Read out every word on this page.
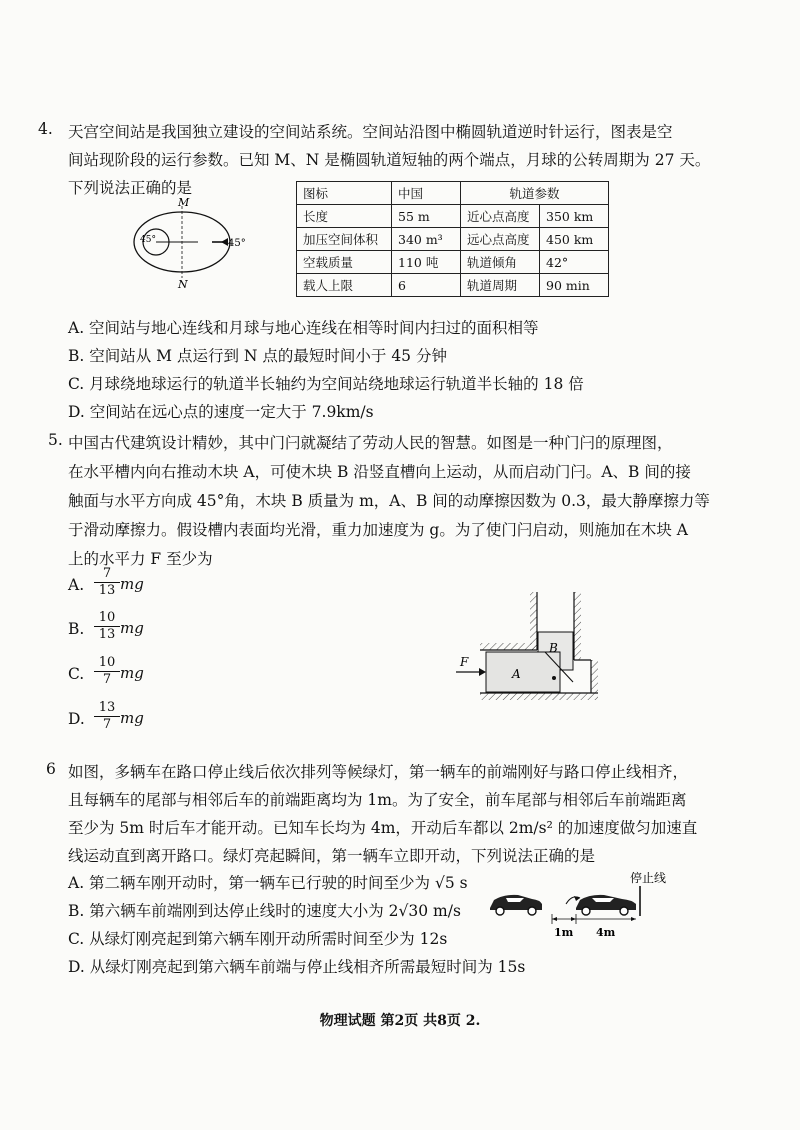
4. 天宫空间站是我国独立建设的空间站系统。空间站沿图中椭圆轨道逆时针运行，图表是空
间站现阶段的运行参数。已知 M、N 是椭圆轨道短轴的两个端点，月球的公转周期为 27 天。
下列说法正确的是
M
N
45°	45°
图标	中国	轨道参数	
长度	55 m	近心点高度	350 km
加压空间体积	340 m³	远心点高度	450 km
空载质量	110 吨	轨道倾角	42°
载人上限	6	轨道周期	90 min
A. 空间站与地心连线和月球与地心连线在相等时间内扫过的面积相等
B. 空间站从 M 点运行到 N 点的最短时间小于 45 分钟
C. 月球绕地球运行的轨道半长轴约为空间站绕地球运行轨道半长轴的 18 倍
D. 空间站在远心点的速度一定大于 7.9km/s
5. 中国古代建筑设计精妙，其中门闩就凝结了劳动人民的智慧。如图是一种门闩的原理图，
在水平槽内向右推动木块 A，可使木块 B 沿竖直槽向上运动，从而启动门闩。A、B 间的接
触面与水平方向成 45°角，木块 B 质量为 m，A、B 间的动摩擦因数为 0.3，最大静摩擦力等
于滑动摩擦力。假设槽内表面均光滑，重力加速度为 g。为了使门闩启动，则施加在木块 A
上的水平力 F 至少为
A. $\frac{7}{13}$ mg
B. $\frac{10}{13}$ mg
C. $\frac{10}{7}$ mg
D. $\frac{13}{7}$ mg
F
A
B
6 如图，多辆车在路口停止线后依次排列等候绿灯，第一辆车的前端刚好与路口停止线相齐，
且每辆车的尾部与相邻后车的前端距离均为 1m。为了安全，前车尾部与相邻后车前端距离
至少为 5m 时后车才能开动。已知车长均为 4m，开动后车都以 2m/s² 的加速度做匀加速直
线运动直到离开路口。绿灯亮起瞬间，第一辆车立即开动，下列说法正确的是
A. 第二辆车刚开动时，第一辆车已行驶的时间至少为 √5 s
B. 第六辆车前端刚到达停止线时的速度大小为 2√30 m/s
C. 从绿灯刚亮起到第六辆车刚开动所需时间至少为 12s
D. 从绿灯刚亮起到第六辆车前端与停止线相齐所需最短时间为 15s
停止线
1m 4m
物理试题 第2页 共8页 2.
